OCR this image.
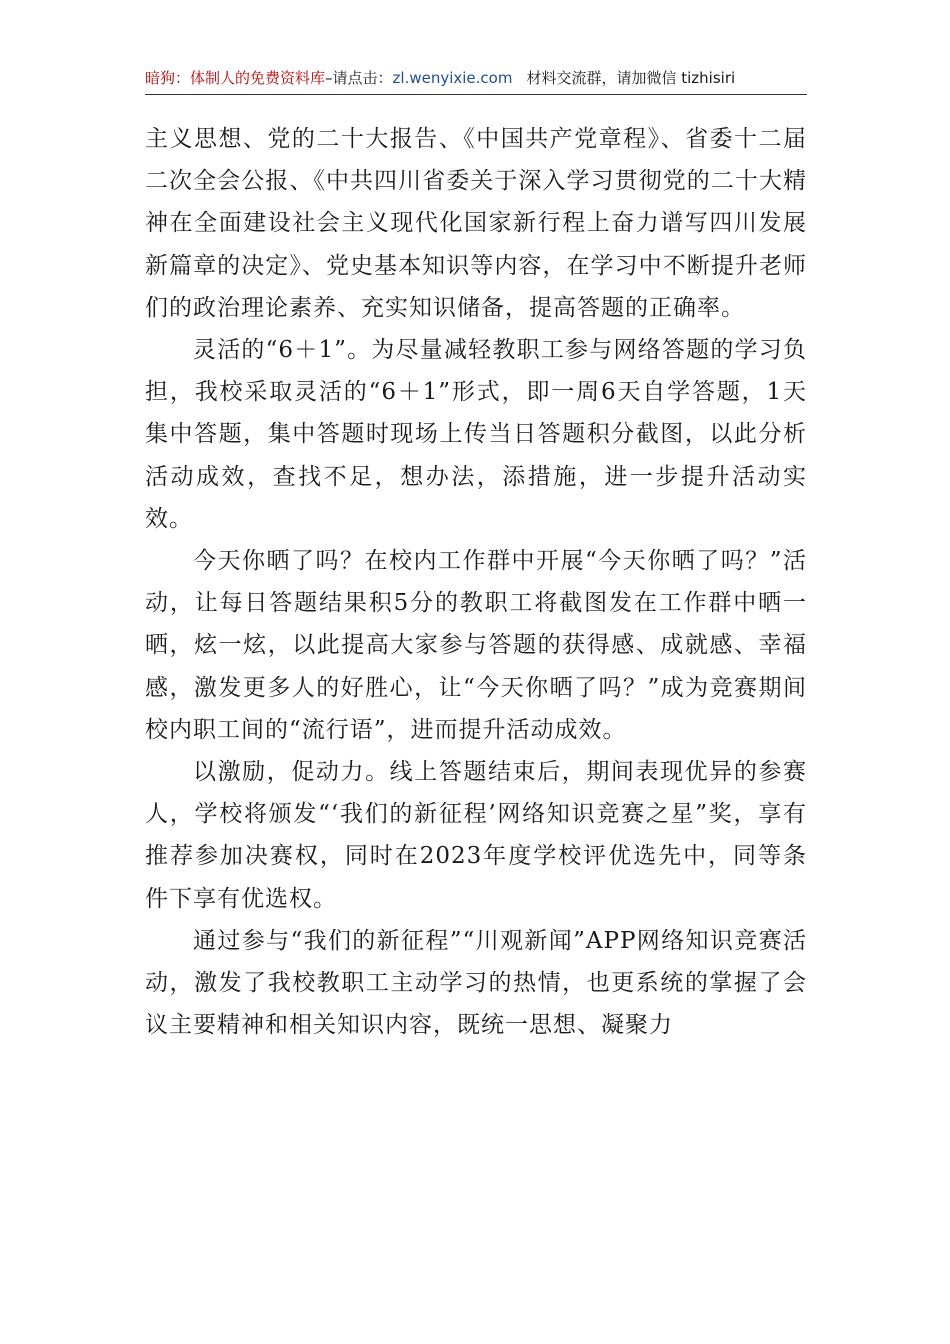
暗狗：体制人的免费资料库–请点击：zl.wenyixie.com 材料交流群，请加微信 tizhisiri

主义思想、党的二十大报告、《中国共产党章程》、省委十二届二次全会公报、《中共四川省委关于深入学习贯彻党的二十大精神在全面建设社会主义现代化国家新行程上奋力谱写四川发展新篇章的决定》、党史基本知识等内容，在学习中不断提升老师们的政治理论素养、充实知识储备，提高答题的正确率。

灵活的“6＋1”。为尽量减轻教职工参与网络答题的学习负担，我校采取灵活的“6＋1”形式，即一周6天自学答题，1天集中答题，集中答题时现场上传当日答题积分截图，以此分析活动成效，查找不足，想办法，添措施，进一步提升活动实效。

今天你晒了吗？在校内工作群中开展“今天你晒了吗？”活动，让每日答题结果积5分的教职工将截图发在工作群中晒一晒，炫一炫，以此提高大家参与答题的获得感、成就感、幸福感，激发更多人的好胜心，让“今天你晒了吗？”成为竞赛期间校内职工间的“流行语”，进而提升活动成效。

以激励，促动力。线上答题结束后，期间表现优异的参赛人，学校将颁发“‘我们的新征程’网络知识竞赛之星”奖，享有推荐参加决赛权，同时在2023年度学校评优选先中，同等条件下享有优选权。

通过参与“我们的新征程”“川观新闻”APP网络知识竞赛活动，激发了我校教职工主动学习的热情，也更系统的掌握了会议主要精神和相关知识内容，既统一思想、凝聚力
